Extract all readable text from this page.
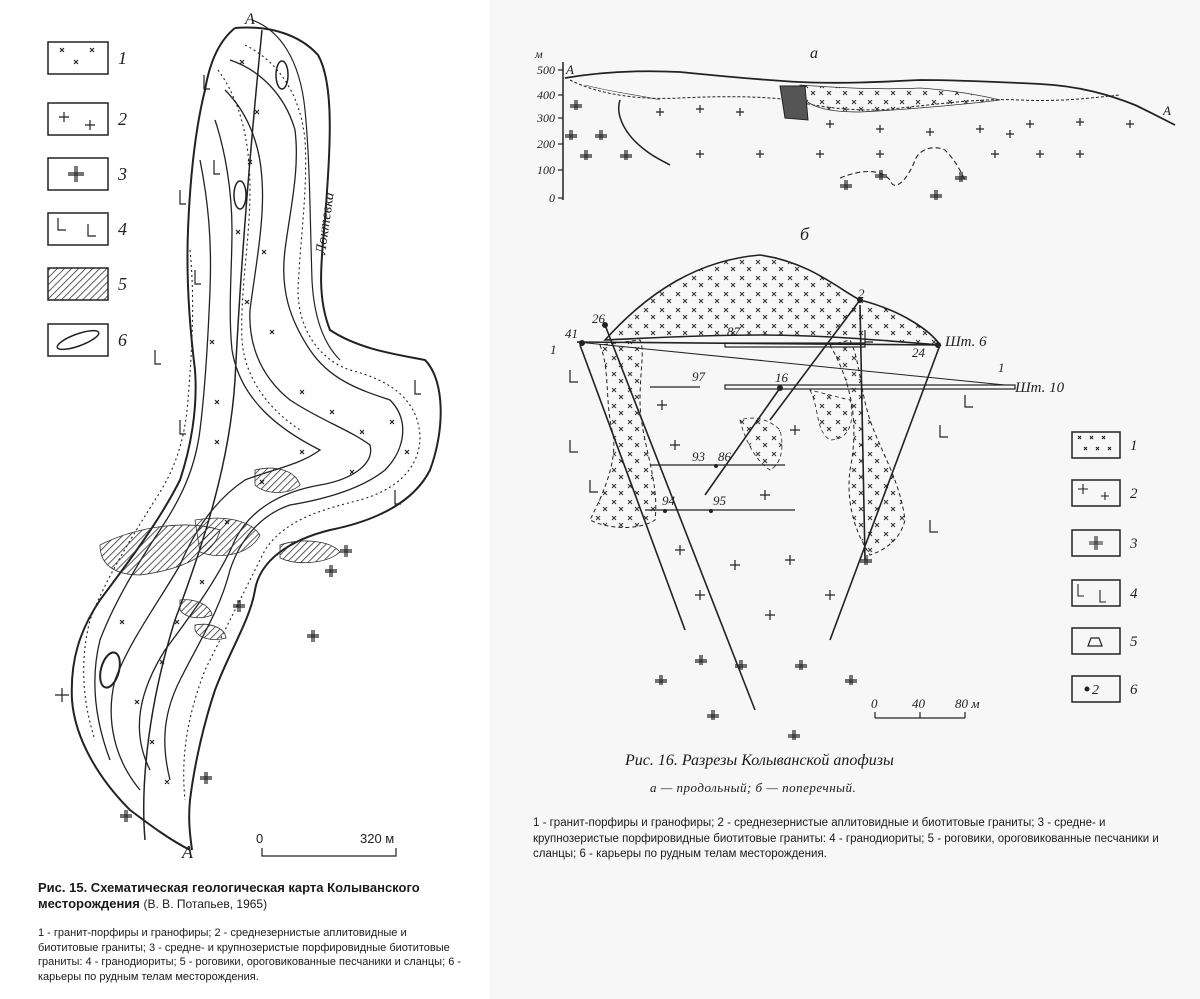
1
2
3
4
5
6
Локтевка
А
А
0	320 м
а
м
500
400
300
200
100
0
А
А
б
41
26
2
24
87
97	16
93 86
94	95
1
1
Шт. 6
Шт. 10
0	40 80 м
2
1
2
3
4
5
6
Рис. 15. Схематическая геологическая карта Колыванского месторождения (В. В. Потапьев, 1965)
1 - гранит-порфиры и гранофиры; 2 - среднезернистые аплитовидные и биотитовые граниты; 3 - средне- и крупнозеристые порфировидные биотитовые граниты: 4 - гранодиориты; 5 - роговики, ороговикованные песчаники и сланцы; 6 - карьеры по рудным телам месторождения.
Рис. 16. Разрезы Колыванской апофизы
а — продольный; б — поперечный.
1 - гранит-порфиры и гранофиры; 2 - среднезернистые аплитовидные и биотитовые граниты; 3 - средне- и крупнозеристые порфировидные биотитовые граниты: 4 - гранодиориты; 5 - роговики, ороговикованные песчаники и сланцы; 6 - карьеры по рудным телам месторождения.
